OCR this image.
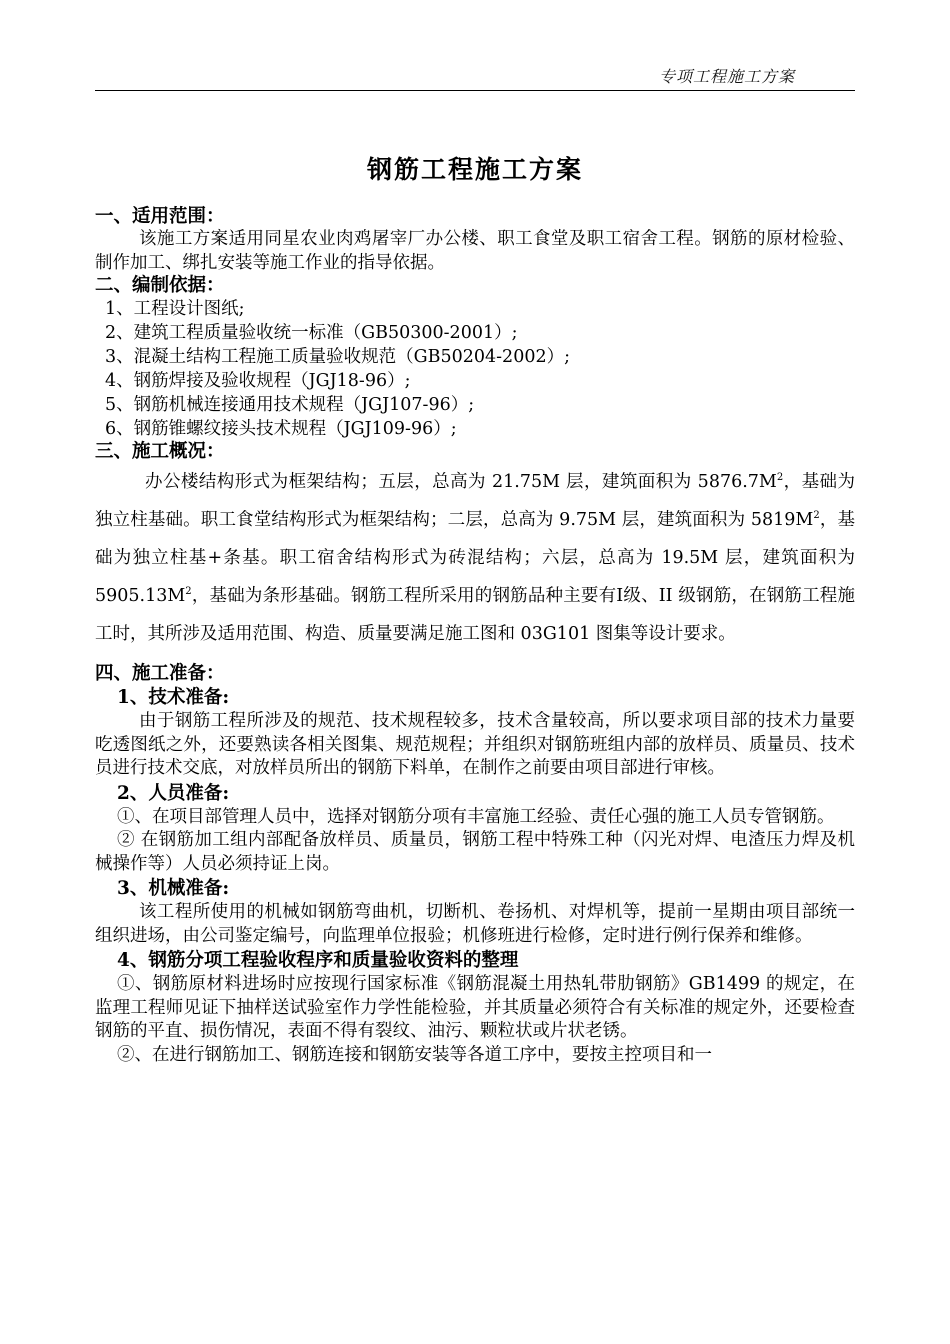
专项工程施工方案
钢筋工程施工方案
一、适用范围：
该施工方案适用同星农业肉鸡屠宰厂办公楼、职工食堂及职工宿舍工程。钢筋的原材检验、制作加工、绑扎安装等施工作业的指导依据。
二、编制依据：
1、工程设计图纸;
2、建筑工程质量验收统一标准（GB50300-2001）;
3、混凝土结构工程施工质量验收规范（GB50204-2002）;
4、钢筋焊接及验收规程（JGJ18-96）;
5、钢筋机械连接通用技术规程（JGJ107-96）;
6、钢筋锥螺纹接头技术规程（JGJ109-96）;
三、施工概况：
办公楼结构形式为框架结构；五层，总高为 21.75M 层，建筑面积为 $5876.7M^2$，基础为独立柱基础。职工食堂结构形式为框架结构；二层，总高为 9.75M 层，建筑面积为 $5819M^2$，基础为独立柱基+条基。职工宿舍结构形式为砖混结构；六层，总高为 19.5M 层，建筑面积为 $5905.13M^2$，基础为条形基础。钢筋工程所采用的钢筋品种主要有Ⅰ级、II 级钢筋，在钢筋工程施工时，其所涉及适用范围、构造、质量要满足施工图和 03G101 图集等设计要求。
四、施工准备：
1、技术准备:
由于钢筋工程所涉及的规范、技术规程较多，技术含量较高，所以要求项目部的技术力量要吃透图纸之外，还要熟读各相关图集、规范规程；并组织对钢筋班组内部的放样员、质量员、技术员进行技术交底，对放样员所出的钢筋下料单，在制作之前要由项目部进行审核。
2、人员准备:
①、在项目部管理人员中，选择对钢筋分项有丰富施工经验、责任心强的施工人员专管钢筋。
② 在钢筋加工组内部配备放样员、质量员，钢筋工程中特殊工种（闪光对焊、电渣压力焊及机械操作等）人员必须持证上岗。
3、机械准备:
该工程所使用的机械如钢筋弯曲机，切断机、卷扬机、对焊机等，提前一星期由项目部统一组织进场，由公司鉴定编号，向监理单位报验；机修班进行检修，定时进行例行保养和维修。
4、钢筋分项工程验收程序和质量验收资料的整理
①、钢筋原材料进场时应按现行国家标准《钢筋混凝土用热轧带肋钢筋》GB1499 的规定，在监理工程师见证下抽样送试验室作力学性能检验，并其质量必须符合有关标准的规定外，还要检查钢筋的平直、损伤情况，表面不得有裂纹、油污、颗粒状或片状老锈。
②、在进行钢筋加工、钢筋连接和钢筋安装等各道工序中，要按主控项目和一
